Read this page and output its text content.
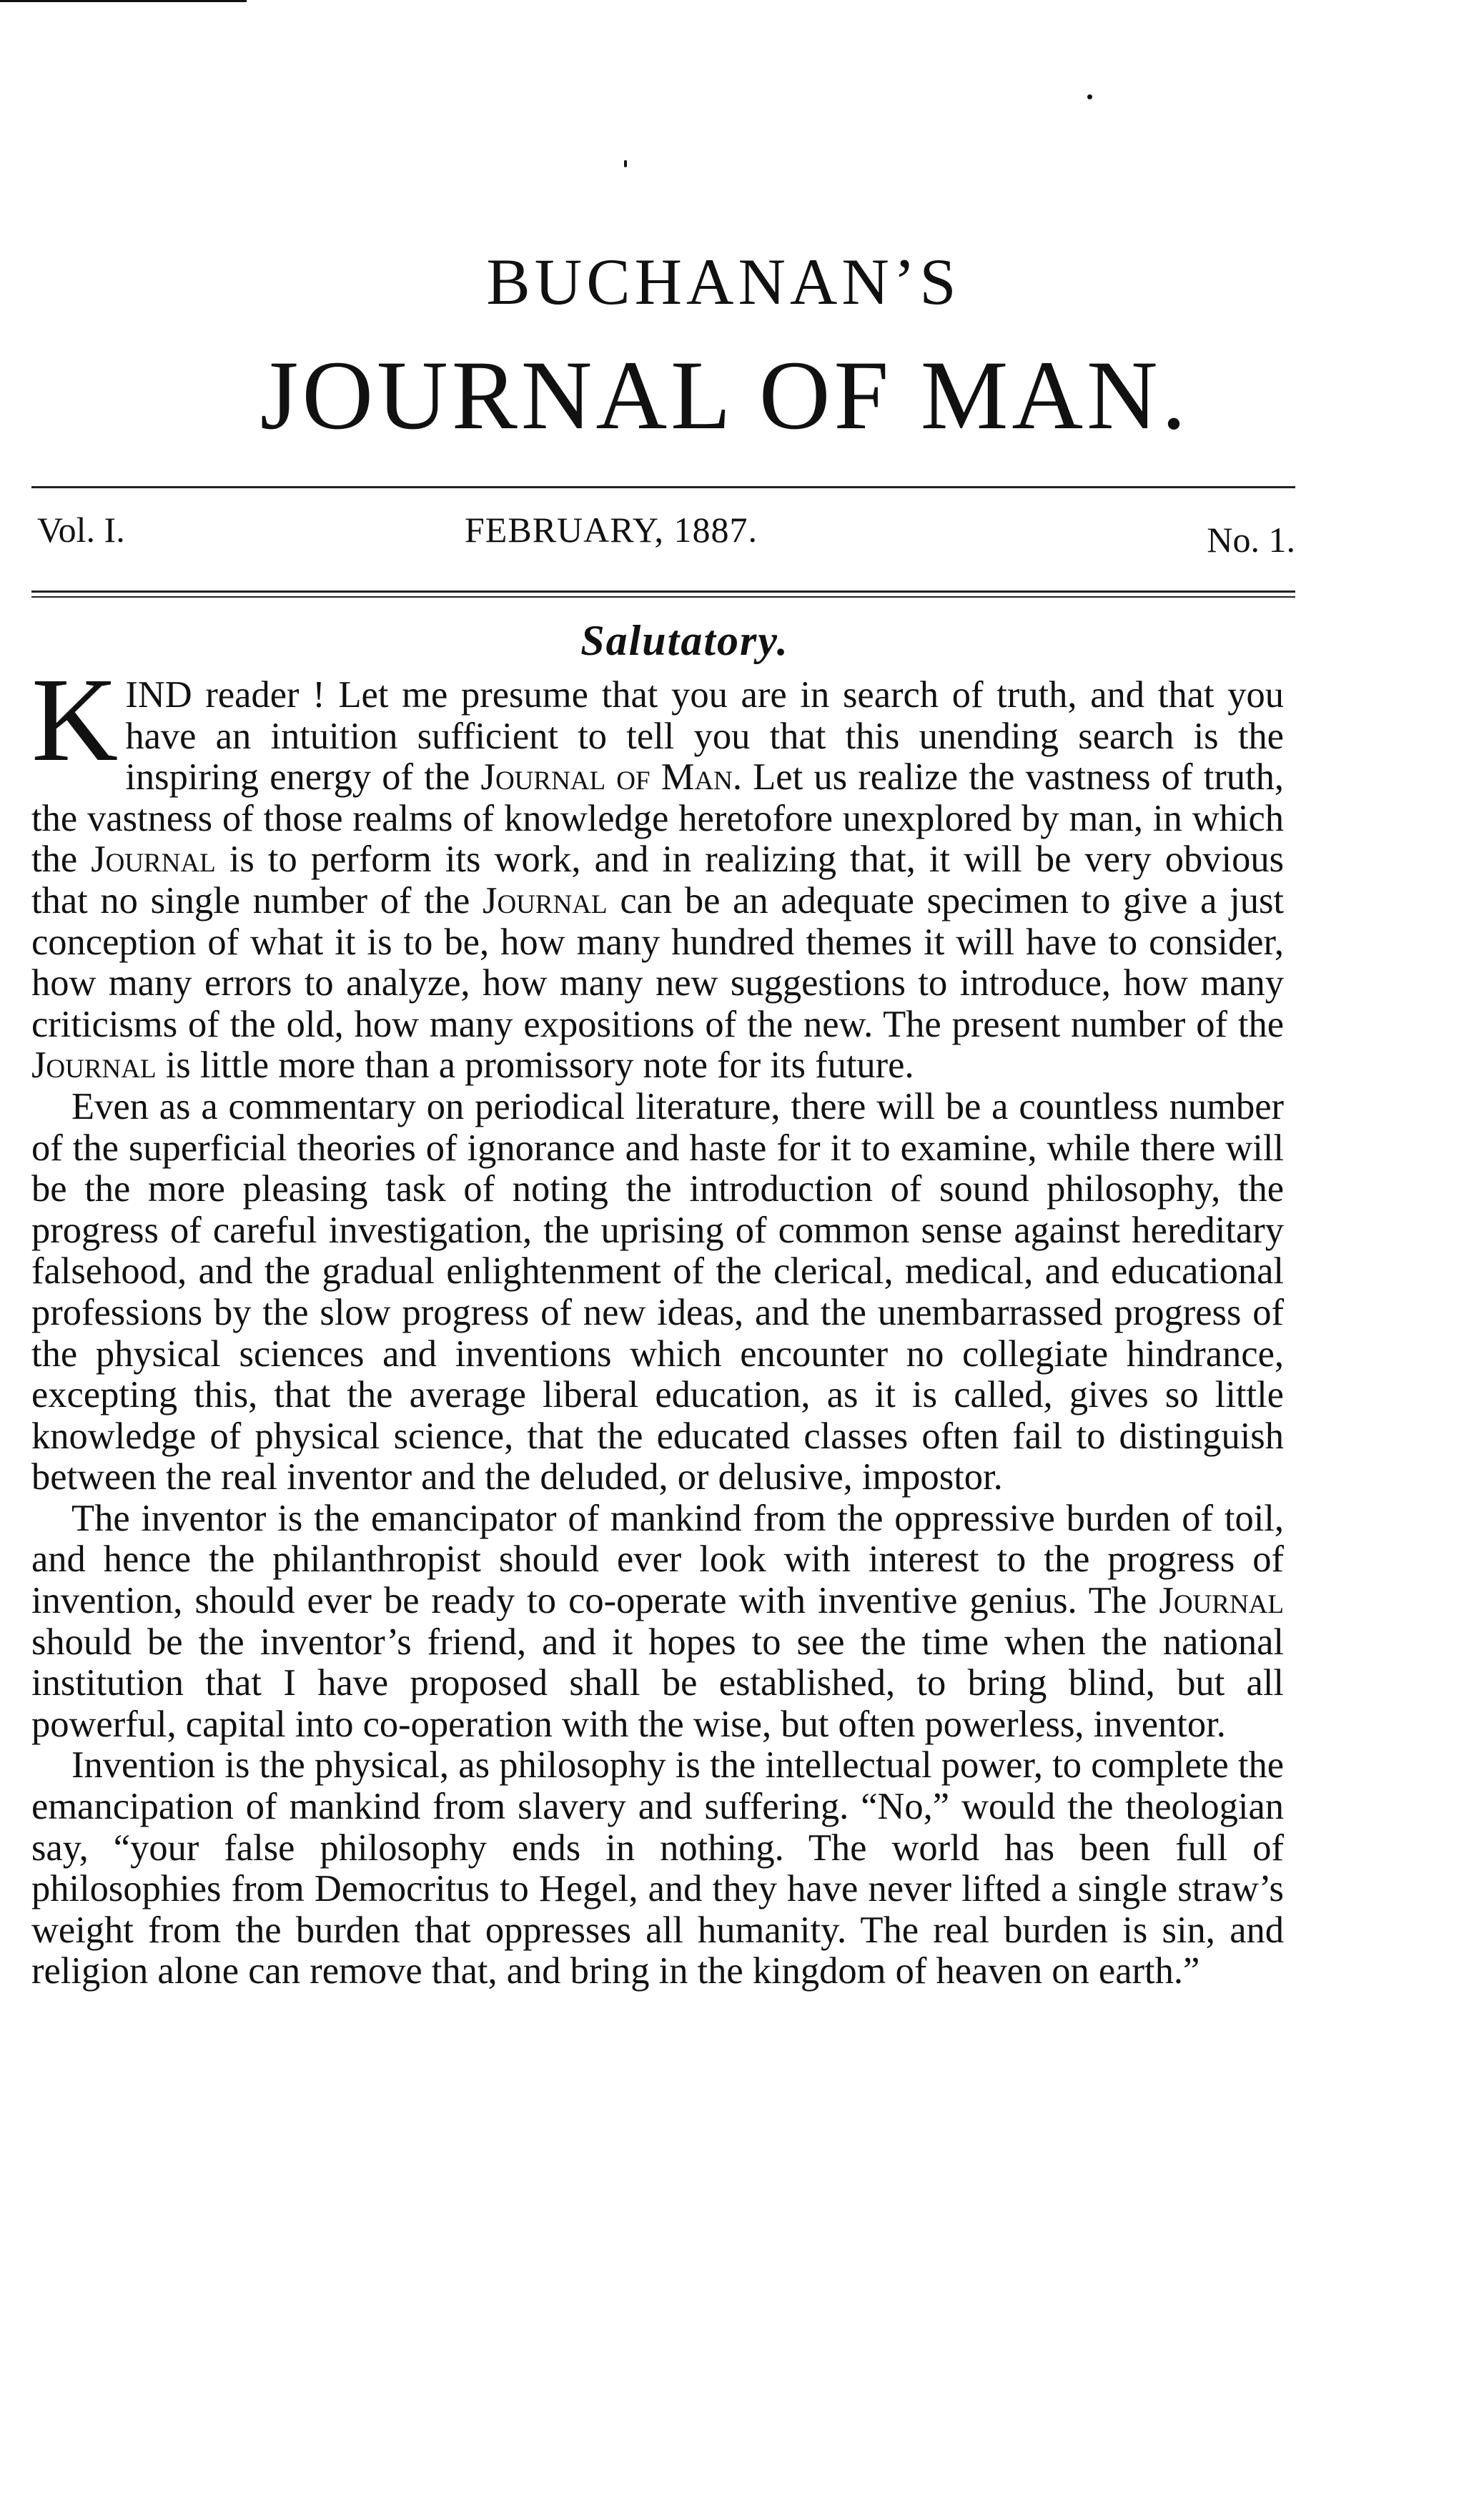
BUCHANAN’S
JOURNAL OF MAN.
Vol. I.	FEBRUARY, 1887.	No. 1.
Salutatory.

KIND reader ! Let me presume that you are in search of truth, and that you have an intuition sufficient to tell you that this unending search is the inspiring energy of the Journal of Man. Let us realize the vastness of truth, the vastness of those realms of knowledge heretofore unexplored by man, in which the Journal is to perform its work, and in realizing that, it will be very obvious that no single number of the Journal can be an adequate specimen to give a just conception of what it is to be, how many hundred themes it will have to consider, how many errors to analyze, how many new suggestions to introduce, how many criticisms of the old, how many expositions of the new. The present number of the Journal is little more than a promissory note for its future.

Even as a commentary on periodical literature, there will be a countless number of the superficial theories of ignorance and haste for it to examine, while there will be the more pleasing task of noting the introduction of sound philosophy, the progress of careful investigation, the uprising of common sense against hereditary falsehood, and the gradual enlightenment of the clerical, medical, and educational professions by the slow progress of new ideas, and the unembarrassed progress of the physical sciences and inventions which encounter no collegiate hindrance, excepting this, that the average liberal education, as it is called, gives so little knowledge of physical science, that the educated classes often fail to distinguish between the real inventor and the deluded, or delusive, impostor.

The inventor is the emancipator of mankind from the oppressive burden of toil, and hence the philanthropist should ever look with interest to the progress of invention, should ever be ready to co-operate with inventive genius. The Journal should be the inventor’s friend, and it hopes to see the time when the national institution that I have proposed shall be established, to bring blind, but all powerful, capital into co-operation with the wise, but often powerless, inventor.

Invention is the physical, as philosophy is the intellectual power, to complete the emancipation of mankind from slavery and suffering. “No,” would the theologian say, “your false philosophy ends in nothing. The world has been full of philosophies from Democritus to Hegel, and they have never lifted a single straw’s weight from the burden that oppresses all humanity. The real burden is sin, and religion alone can remove that, and bring in the kingdom of heaven on earth.”
